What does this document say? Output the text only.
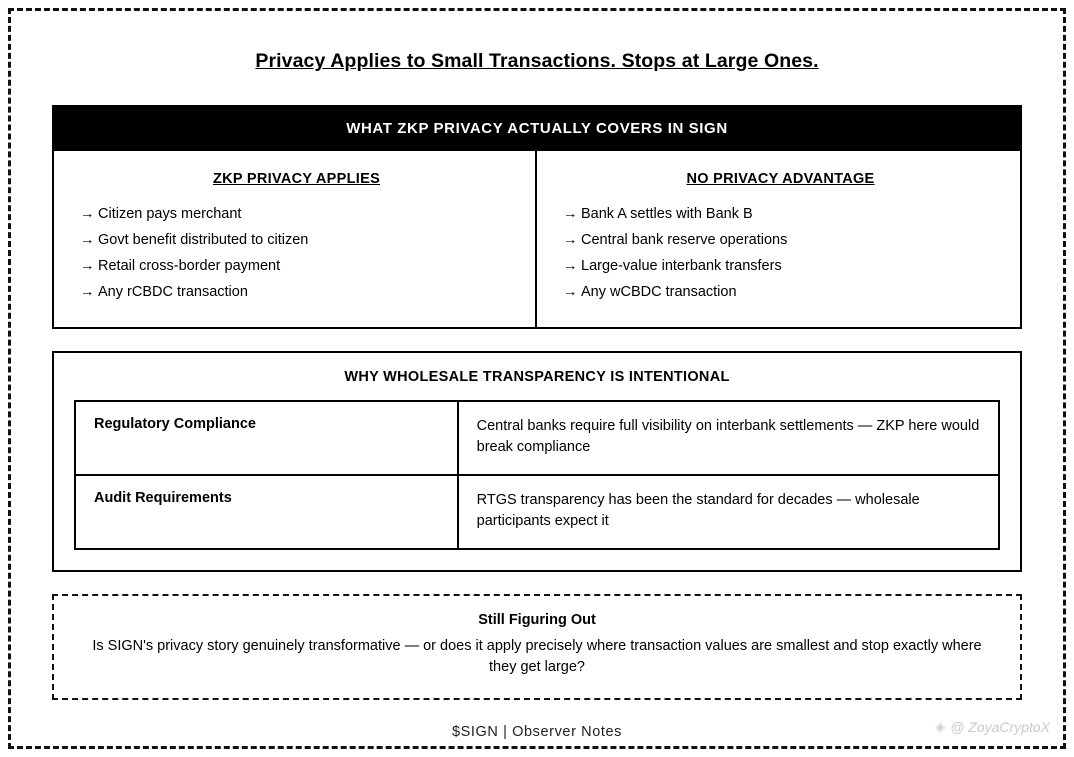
Privacy Applies to Small Transactions. Stops at Large Ones.
WHAT ZKP PRIVACY ACTUALLY COVERS IN SIGN
ZKP PRIVACY APPLIES
→ Citizen pays merchant
→ Govt benefit distributed to citizen
→ Retail cross-border payment
→ Any rCBDC transaction
NO PRIVACY ADVANTAGE
→ Bank A settles with Bank B
→ Central bank reserve operations
→ Large-value interbank transfers
→ Any wCBDC transaction
WHY WHOLESALE TRANSPARENCY IS INTENTIONAL
Regulatory Compliance	Central banks require full visibility on interbank settlements — ZKP here would break compliance
Audit Requirements	RTGS transparency has been the standard for decades — wholesale participants expect it
Still Figuring Out
Is SIGN's privacy story genuinely transformative — or does it apply precisely where transaction values are smallest and stop exactly where they get large?
$SIGN | Observer Notes	◈ @ ZoyaCryptoX
